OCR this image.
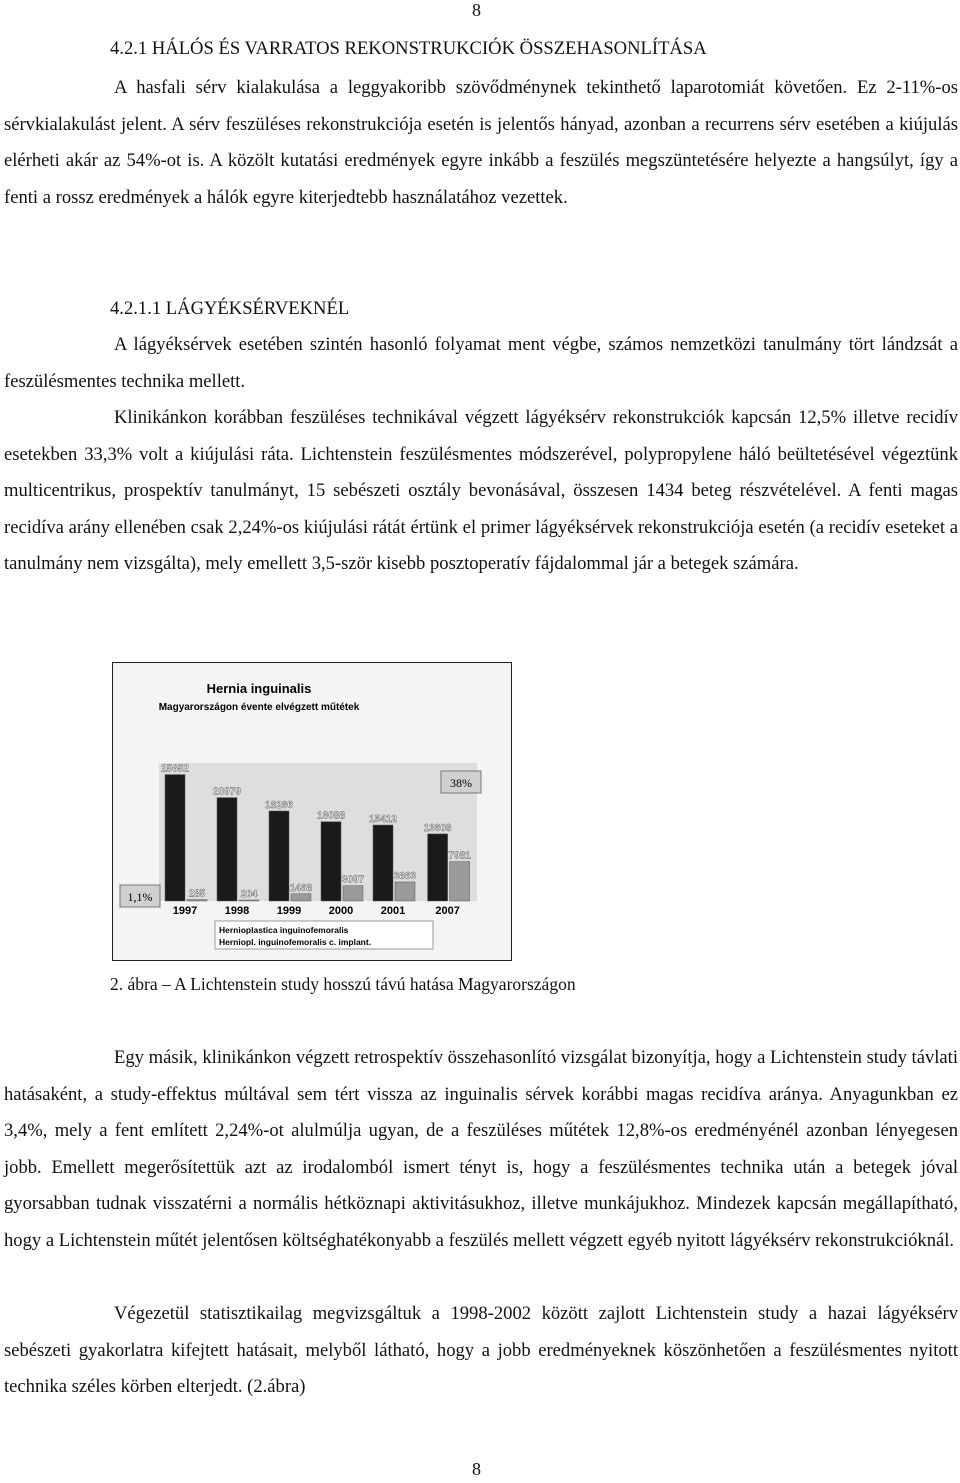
8
4.2.1 HÁLÓS ÉS VARRATOS REKONSTRUKCIÓK ÖSSZEHASONLÍTÁSA
A hasfali sérv kialakulása a leggyakoribb szövődménynek tekinthető laparotomiát követően. Ez 2-11%-os sérvkialakulást jelent. A sérv feszüléses rekonstrukciója esetén is jelentős hányad, azonban a recurrens sérv esetében a kiújulás elérheti akár az 54%-ot is. A közölt kutatási eredmények egyre inkább a feszülés megszüntetésére helyezte a hangsúlyt, így a fenti a rossz eredmények a hálók egyre kiterjedtebb használatához vezettek.
4.2.1.1 LÁGYÉKSÉRVEKNÉL
A lágyéksérvek esetében szintén hasonló folyamat ment végbe, számos nemzetközi tanulmány tört lándzsát a feszülésmentes technika mellett.
Klinikánkon korábban feszüléses technikával végzett lágyéksérv rekonstrukciók kapcsán 12,5% illetve recidív esetekben 33,3% volt a kiújulási ráta. Lichtenstein feszülésmentes módszerével, polypropylene háló beültetésével végeztünk multicentrikus, prospektív tanulmányt, 15 sebészeti osztály bevonásával, összesen 1434 beteg részvételével. A fenti magas recidíva arány ellenében csak 2,24%-os kiújulási rátát értünk el primer lágyéksérvek rekonstrukciója esetén (a recidív eseteket a tanulmány nem vizsgálta), mely emellett 3,5-ször kisebb posztoperatív fájdalommal jár a betegek számára.
Hernia inguinalis
Magyarországon évente elvégzett műtétek
25652
285
20979
204
18266
1468
16088
3097
15412
3863
13608
7981
1997	1998	1999	2000	2001	2007
1,1%
38%
Hernioplastica inguinofemoralis
Herniopl. inguinofemoralis c. implant.
2. ábra – A Lichtenstein study hosszú távú hatása Magyarországon
Egy másik, klinikánkon végzett retrospektív összehasonlító vizsgálat bizonyítja, hogy a Lichtenstein study távlati hatásaként, a study-effektus múltával sem tért vissza az inguinalis sérvek korábbi magas recidíva aránya. Anyagunkban ez 3,4%, mely a fent említett 2,24%-ot alulmúlja ugyan, de a feszüléses műtétek 12,8%-os eredményénél azonban lényegesen jobb. Emellett megerősítettük azt az irodalomból ismert tényt is, hogy a feszülésmentes technika után a betegek jóval gyorsabban tudnak visszatérni a normális hétköznapi aktivitásukhoz, illetve munkájukhoz. Mindezek kapcsán megállapítható, hogy a Lichtenstein műtét jelentősen költséghatékonyabb a feszülés mellett végzett egyéb nyitott lágyéksérv rekonstrukcióknál.
Végezetül statisztikailag megvizsgáltuk a 1998-2002 között zajlott Lichtenstein study a hazai lágyéksérv sebészeti gyakorlatra kifejtett hatásait, melyből látható, hogy a jobb eredményeknek köszönhetően a feszülésmentes nyitott technika széles körben elterjedt. (2.ábra)
8
